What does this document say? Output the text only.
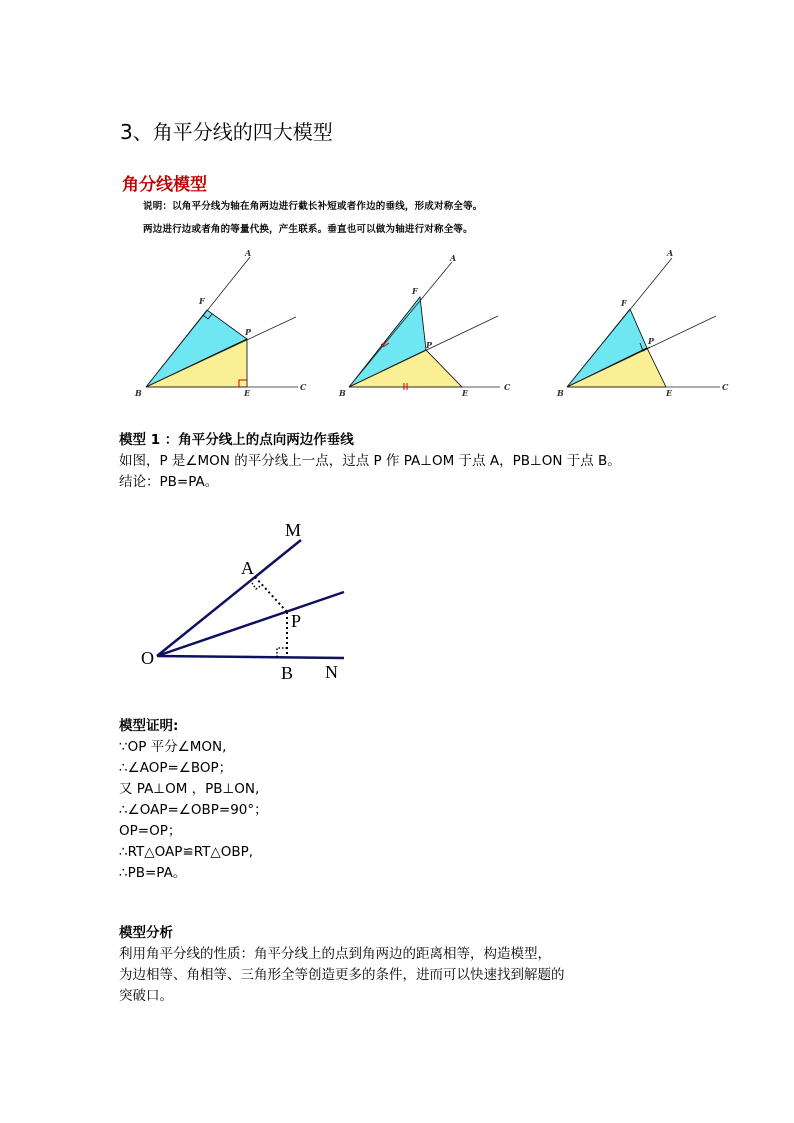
3、角平分线的四大模型
角分线模型
说明：以角平分线为轴在角两边进行截长补短或者作边的垂线，形成对称全等。
两边进行边或者角的等量代换，产生联系。垂直也可以做为轴进行对称全等。
A
F
P
B	E
C
A
F
P
B	E
C
A
F
P
B	E
C
模型 1 ：角平分线上的点向两边作垂线
如图，P 是∠MON 的平分线上一点，过点 P 作 PA⊥OM 于点 A，PB⊥ON 于点 B。
结论：PB=PA。
M
A
P
O
B N
模型证明:
∵OP 平分∠MON,
∴∠AOP=∠BOP；
又 PA⊥OM ，PB⊥ON,
∴∠OAP=∠OBP=90°；
OP=OP；
∴RT△OAP≌RT△OBP,
∴PB=PA。
模型分析
利用角平分线的性质：角平分线上的点到角两边的距离相等，构造模型，
为边相等、角相等、三角形全等创造更多的条件，进而可以快速找到解题的
突破口。
